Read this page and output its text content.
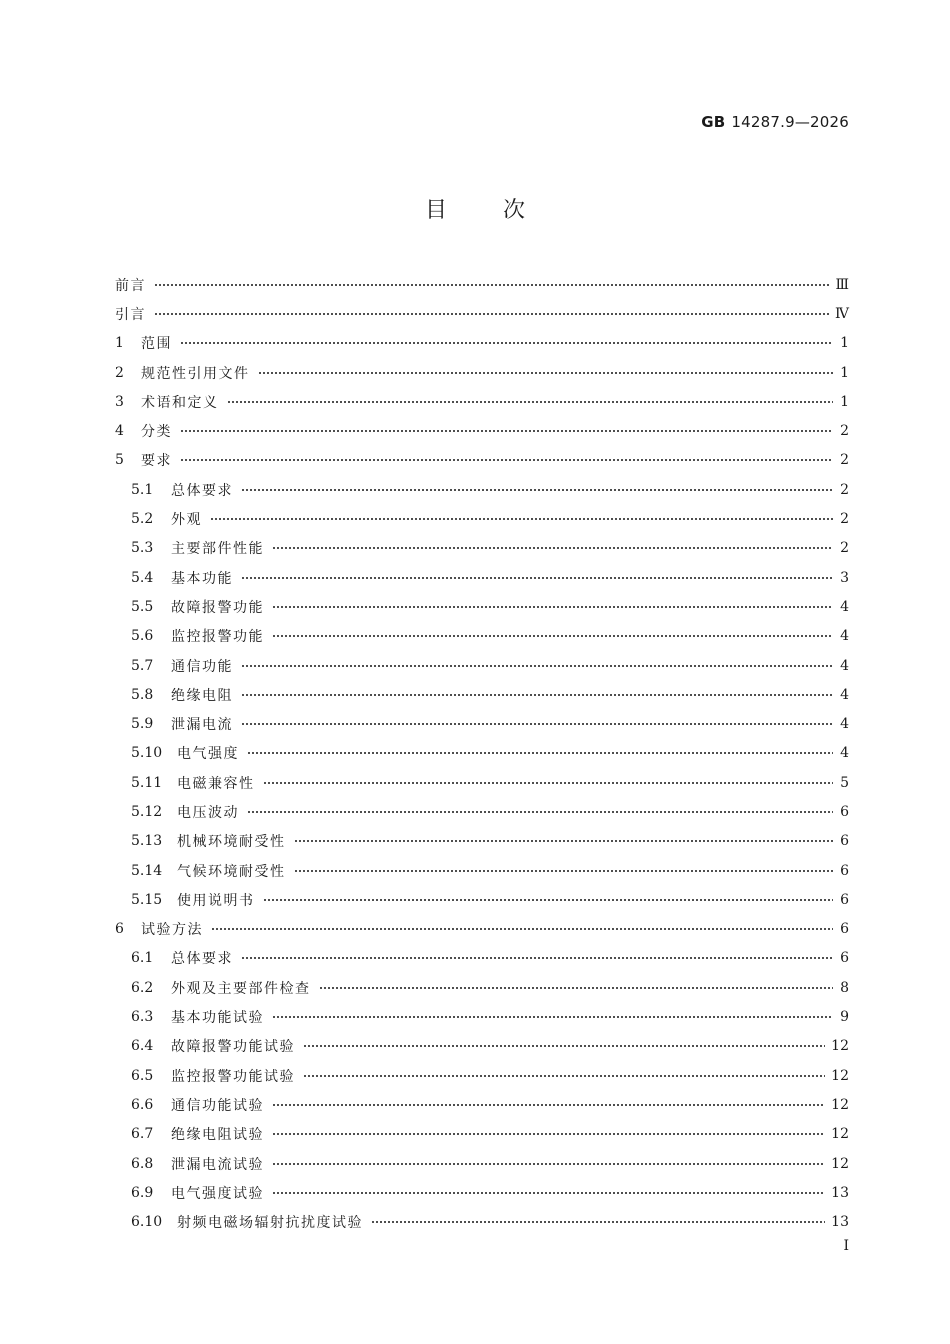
GB 14287.9—2026
目次
前言	Ⅲ
引言	Ⅳ
1	范围	1
2	规范性引用文件	1
3	术语和定义	1
4	分类	2
5	要求	2
5.1	总体要求	2
5.2	外观	2
5.3	主要部件性能	2
5.4	基本功能	3
5.5	故障报警功能	4
5.6	监控报警功能	4
5.7	通信功能	4
5.8	绝缘电阻	4
5.9	泄漏电流	4
5.10	电气强度	4
5.11	电磁兼容性	5
5.12	电压波动	6
5.13	机械环境耐受性	6
5.14	气候环境耐受性	6
5.15	使用说明书	6
6	试验方法	6
6.1	总体要求	6
6.2	外观及主要部件检查	8
6.3	基本功能试验	9
6.4	故障报警功能试验	12
6.5	监控报警功能试验	12
6.6	通信功能试验	12
6.7	绝缘电阻试验	12
6.8	泄漏电流试验	12
6.9	电气强度试验	13
6.10	射频电磁场辐射抗扰度试验	13
I
